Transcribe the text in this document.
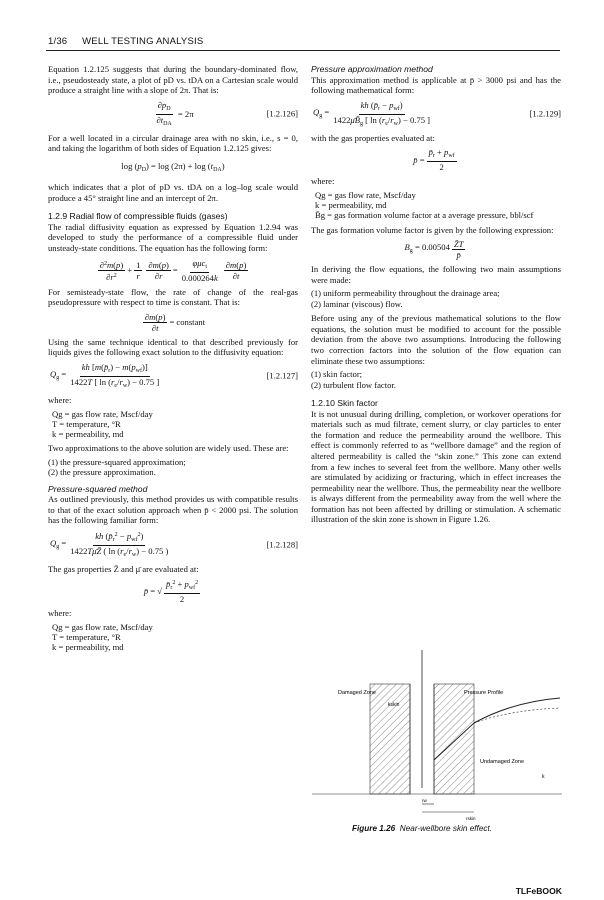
1/36 WELL TESTING ANALYSIS

Equation 1.2.125 suggests that during the boundary-dominated flow, i.e., pseudosteady state, a plot of pD vs. tDA on a Cartesian scale would produce a straight line with a slope of 2π. That is:

$\frac{\partial p_D}{\partial t_{DA}} = 2\pi$	[1.2.126]

For a well located in a circular drainage area with no skin, i.e., s = 0, and taking the logarithm of both sides of Equation 1.2.125 gives:

$\log (p_D) = \log (2\pi) + \log (t_{DA})$

which indicates that a plot of pD vs. tDA on a log–log scale would produce a 45° straight line and an intercept of 2π.

1.2.9 Radial flow of compressible fluids (gases)

The radial diffusivity equation as expressed by Equation 1.2.94 was developed to study the performance of a compressible fluid under unsteady-state conditions. The equation has the following form:

$\frac{\partial^2m(p)}{\partial r^2} + \frac{1}{r} \frac{\partial m(p)}{\partial r} = \frac{\varphi\mu c_t}{0.000264k} \frac{\partial m(p)}{\partial t}$

For semisteady-state flow, the rate of change of the real-gas pseudopressure with respect to time is constant. That is:

$\frac{\partial m(p)}{\partial t}$ = constant

Using the same technique identical to that described previously for liquids gives the following exact solution to the diffusivity equation:

$Q_g = \frac{kh [m(p̄_r) - m(p_{wf})]}{1422T [ \ln (r_e/r_w) - 0.75 ]}$	[1.2.127]

where:

Qg = gas flow rate, Mscf/day
T = temperature, °R
k = permeability, md

Two approximations to the above solution are widely used. These are:

(1) the pressure-squared approximation;
(2) the pressure approximation.
Pressure-squared method

As outlined previously, this method provides us with compatible results to that of the exact solution approach when p̄ < 2000 psi. The solution has the following familiar form:

$Q_g = \frac{kh (p̄_r^2 - p_{wf}^2)}{1422T\mūZ̄ ( \ln (r_e/r_w) - 0.75 )}$	[1.2.128]

The gas properties Z̄ and μ̄ are evaluated at:

p̄ = √ $\frac{p̄_r^2 + p_{wf}^2}{2}$

where:

Qg = gas flow rate, Mscf/day
T = temperature, °R
k = permeability, md
Pressure approximation method

This approximation method is applicable at p̄ > 3000 psi and has the following mathematical form:

$Q_g = \frac{kh (p̄_r - p_{wf})}{1422\mūB̄_g [ \ln (r_e/r_w) - 0.75 ]}$	[1.2.129]

with the gas properties evaluated at:

p̄ = $\frac{p̄_r + p_{wf}}{2}$

where:

Qg = gas flow rate, Mscf/day
k = permeability, md
B̄g = gas formation volume factor at a average pressure, bbl/scf

The gas formation volume factor is given by the following expression:

$B_g = 0.00504 \frac{Z̄T}{p̄}$

In deriving the flow equations, the following two main assumptions were made:

(1) uniform permeability throughout the drainage area;
(2) laminar (viscous) flow.

Before using any of the previous mathematical solutions to the flow equations, the solution must be modified to account for the possible deviation from the above two assumptions. Introducing the following two correction factors into the solution of the flow equation can eliminate these two assumptions:

(1) skin factor;
(2) turbulent flow factor.
1.2.10 Skin factor

It is not unusual during drilling, completion, or workover operations for materials such as mud filtrate, cement slurry, or clay particles to enter the formation and reduce the permeability around the wellbore. This effect is commonly referred to as “wellbore damage” and the region of altered permeability is called the “skin zone.” This zone can extend from a few inches to several feet from the wellbore. Many other wells are stimulated by acidizing or fracturing, which in effect increases the permeability near the wellbore. Thus, the permeability near the wellbore is always different from the permeability away from the well where the formation has not been affected by drilling or stimulation. A schematic illustration of the skin zone is shown in Figure 1.26.

Damaged Zone	Pressure Profile
kskin
Undamaged Zone
k
rw
rskin
Figure 1.26 Near-wellbore skin effect.
TLFeBOOK
